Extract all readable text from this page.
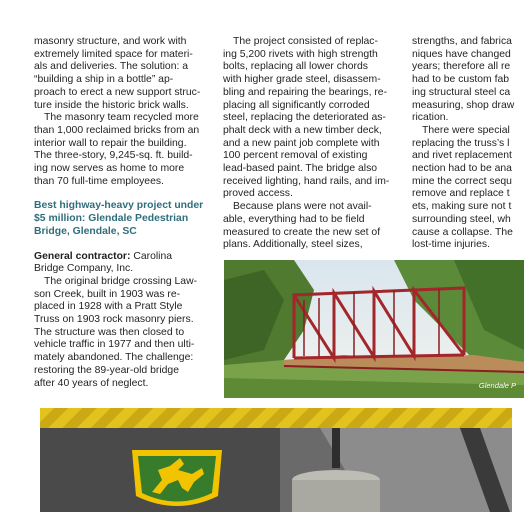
masonry structure, and work with
extremely limited space for materi-
als and deliveries. The solution: a
“building a ship in a bottle” ap-
proach to erect a new support struc-
ture inside the historic brick walls.
The masonry team recycled more
than 1,000 reclaimed bricks from an
interior wall to repair the building.
The three-story, 9,245-sq. ft. build-
ing now serves as home to more
than 70 full-time employees.
Best highway-heavy project under
$5 million: Glendale Pedestrian
Bridge, Glendale, SC
General contractor: Carolina
Bridge Company, Inc.
The original bridge crossing Law-
son Creek, built in 1903 was re-
placed in 1928 with a Pratt Style
Truss on 1903 rock masonry piers.
The structure was then closed to
vehicle traffic in 1977 and then ulti-
mately abandoned. The challenge:
restoring the 89-year-old bridge
after 40 years of neglect.
The project consisted of replac-
ing 5,200 rivets with high strength
bolts, replacing all lower chords
with higher grade steel, disassem-
bling and repairing the bearings, re-
placing all significantly corroded
steel, replacing the deteriorated as-
phalt deck with a new timber deck,
and a new paint job complete with
100 percent removal of existing
lead-based paint. The bridge also
received lighting, hand rails, and im-
proved access.
Because plans were not avail-
able, everything had to be field
measured to create the new set of
plans. Additionally, steel sizes,
strengths, and fabrica
niques have changed
years; therefore all re
had to be custom fab
ing structural steel ca
measuring, shop draw
rication.
There were special
replacing the truss’s l
and rivet replacement
nection had to be ana
mine the correct sequ
remove and replace t
ets, making sure not t
surrounding steel, wh
cause a collapse. The
lost-time injuries.
Glendale P
